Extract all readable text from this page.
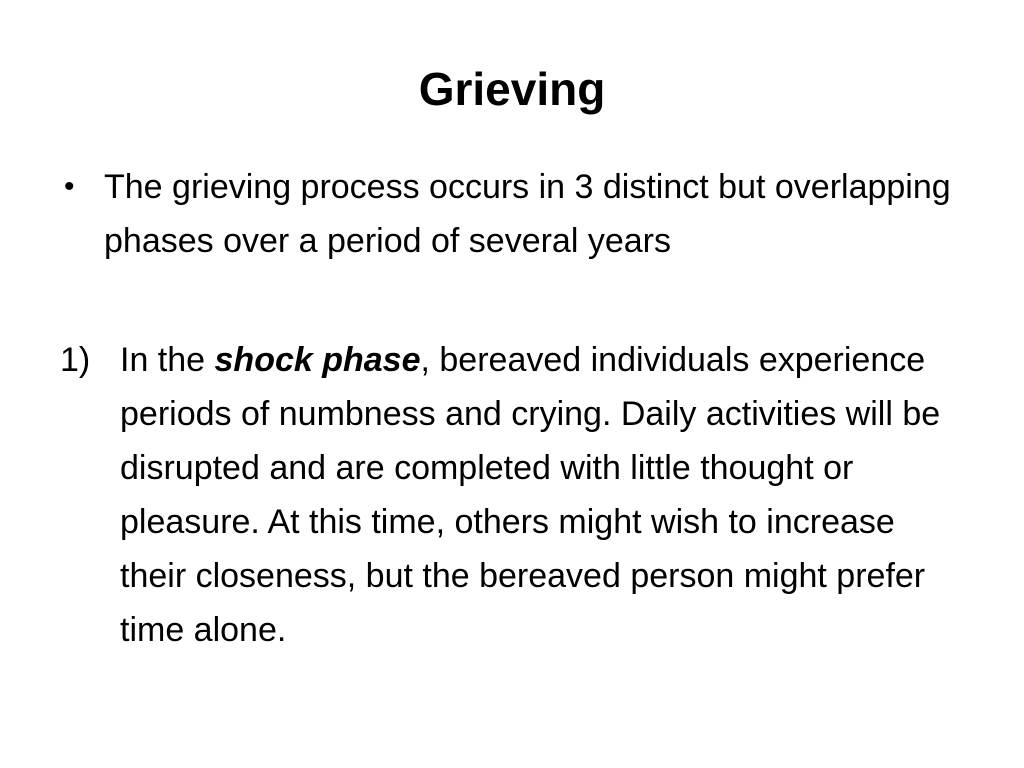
Grieving
• The grieving process occurs in 3 distinct but overlapping phases over a period of several years
1) In the shock phase, bereaved individuals experience periods of numbness and crying. Daily activities will be disrupted and are completed with little thought or pleasure. At this time, others might wish to increase their closeness, but the bereaved person might prefer time alone.
